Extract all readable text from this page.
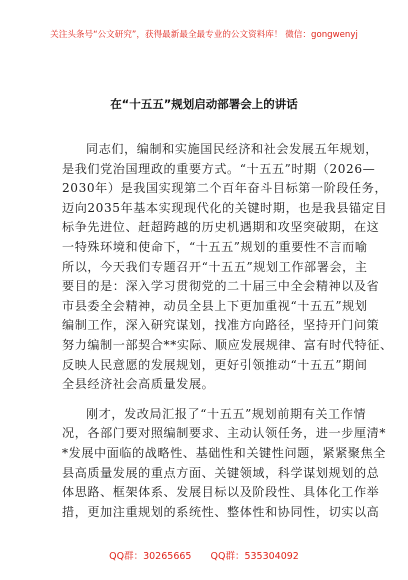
关注头条号“公文研究”，获得最新最全最专业的公文资料库！ 微信：gongwenyj
在“十五五”规划启动部署会上的讲话
同志们，编制和实施国民经济和社会发展五年规划，
是我们党治国理政的重要方式。“十五五”时期（2026—
2030年）是我国实现第二个百年奋斗目标第一阶段任务，
迈向2035年基本实现现代化的关键时期，也是我县锚定目
标争先进位、赶超跨越的历史机遇期和攻坚突破期，在这
一特殊环境和使命下，“十五五”规划的重要性不言而喻
所以，今天我们专题召开“十五五”规划工作部署会，主
要目的是：深入学习贯彻党的二十届三中全会精神以及省
市县委全会精神，动员全县上下更加重视“十五五”规划
编制工作，深入研究谋划，找准方向路径，坚持开门问策
努力编制一部契合**实际、顺应发展规律、富有时代特征、
反映人民意愿的发展规划，更好引领推动“十五五”期间
全县经济社会高质量发展。
刚才，发改局汇报了“十五五”规划前期有关工作情
况，各部门要对照编制要求、主动认领任务，进一步厘清*
*发展中面临的战略性、基础性和关键性问题，紧紧聚焦全
县高质量发展的重点方面、关键领域，科学谋划规划的总
体思路、框架体系、发展目标以及阶段性、具体化工作举
措，更加注重规划的系统性、整体性和协同性，切实以高
QQ群：30265665 QQ群：535304092
